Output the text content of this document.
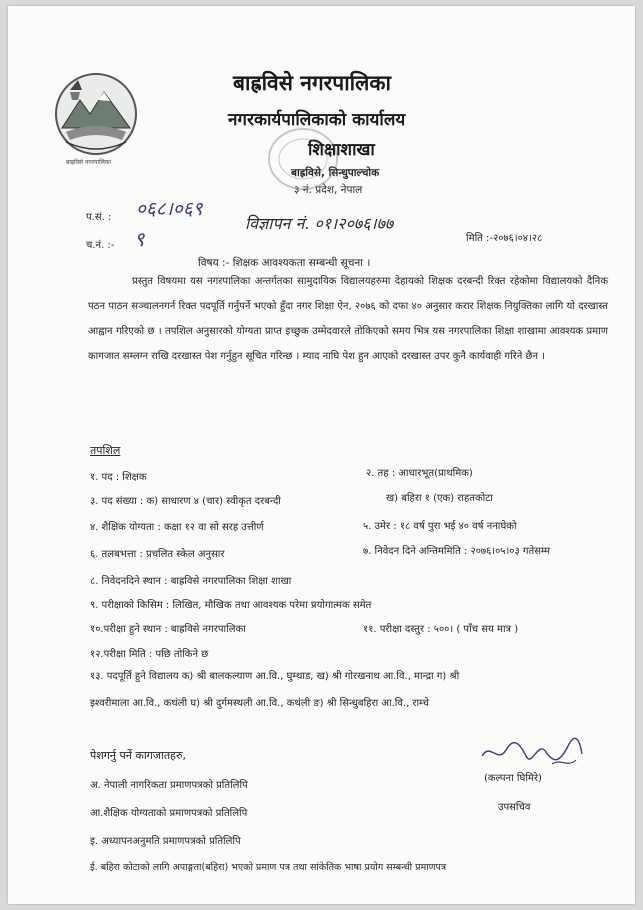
बाह्रविसे नगरपालिका
बाह्रविसे नगरपालिका
नगरकार्यपालिकाको कार्यालय
शिक्षाशाखा
बाह्रविसे, सिन्धुपाल्चोक
३ नं. प्रदेश, नेपाल
प.सं. : ०६८।०६९
च.नं. :- ९
विज्ञापन नं. ०१।२०७६।७७
मिति :-२०७६।०४।२८
विषय :- शिक्षक आवश्यकता सम्बन्धी सूचना ।
प्रस्तुत विषयमा यस नगरपालिका अन्तर्गतका सामुदायिक विद्यालयहरुमा देहायको शिक्षक दरबन्दी रिक्त रहेकोमा विद्यालयको दैनिक पठन पाठन सञ्चालनगर्न रिक्त पदपूर्ति गर्नुपर्ने भएको हुँदा नगर शिक्षा ऐन, २०७६ को दफा ४० अनुसार करार शिक्षक नियुक्तिका लागि यो दरखास्त आह्वान गरिएको छ । तपशिल अनुसारको योग्यता प्राप्त इच्छुक उम्मेदवारले तोकिएको समय भित्र यस नगरपालिका शिक्षा शाखामा आवश्यक प्रमाण कागजात सम्लग्न राखि दरखास्त पेश गर्नुहुन सूचित गरिन्छ । म्याद नाघि पेश हुन आएको दरखास्त उपर कुनै कार्यवाही गरिने छैन ।
तपशिल
१. पद : शिक्षक	२. तह : आधारभूत(प्राथमिक)
३. पद संख्या : क) साधारण ४ (चार) स्वीकृत दरबन्दी	ख) बहिरा १ (एक) राहतकोटा
४. शैक्षिक योग्यता : कक्षा १२ वा सो सरह उत्तीर्ण	५. उमेर : १८ वर्ष पुरा भई ४० वर्ष ननाघेको
६. तलबभत्ता : प्रचलित स्केल अनुसार	७. निवेदन दिने अन्तिममिति : २०७६।०५।०३ गतेसम्म
८. निवेदनदिने स्थान : बाह्रविसे नगरपालिका शिक्षा शाखा
९. परीक्षाको किसिम : लिखित, मौखिक तथा आवश्यक परेमा प्रयोगात्मक समेत
१०.परीक्षा हुने स्थान : बाह्रविसे नगरपालिका	११. परीक्षा दस्तुर : ५००। ( पाँच सय मात्र )
१२.परीक्षा मिति : पछि तोकिने छ
१३. पदपूर्ति हुने विद्यालय क) श्री बालकल्याण आ.वि., घुम्थाड, ख) श्री गोरखनाथ आ.वि., मान्द्रा ग) श्री
इश्वरीमाला आ.वि., कथंली घ) श्री दुर्गमस्थली आ.वि., कथंली ङ) श्री सिन्धुबहिरा आ.वि., राम्चे
पेशगर्नु पर्ने कागजातहरु,
अ. नेपाली नागरिकता प्रमाणपत्रको प्रतिलिपि
आ.शैक्षिक योग्यताको प्रमाणपत्रको प्रतिलिपि
इ. अध्यापनअनुमति प्रमाणपत्रको प्रतिलिपि
ई. बहिरा कोटाको लागि अपाङ्गता(बहिरा) भएको प्रमाण पत्र तथा सांकेतिक भाषा प्रयोग सम्बन्धी प्रमाणपत्र
(कल्पना घिमिरे)
उपसचिव
